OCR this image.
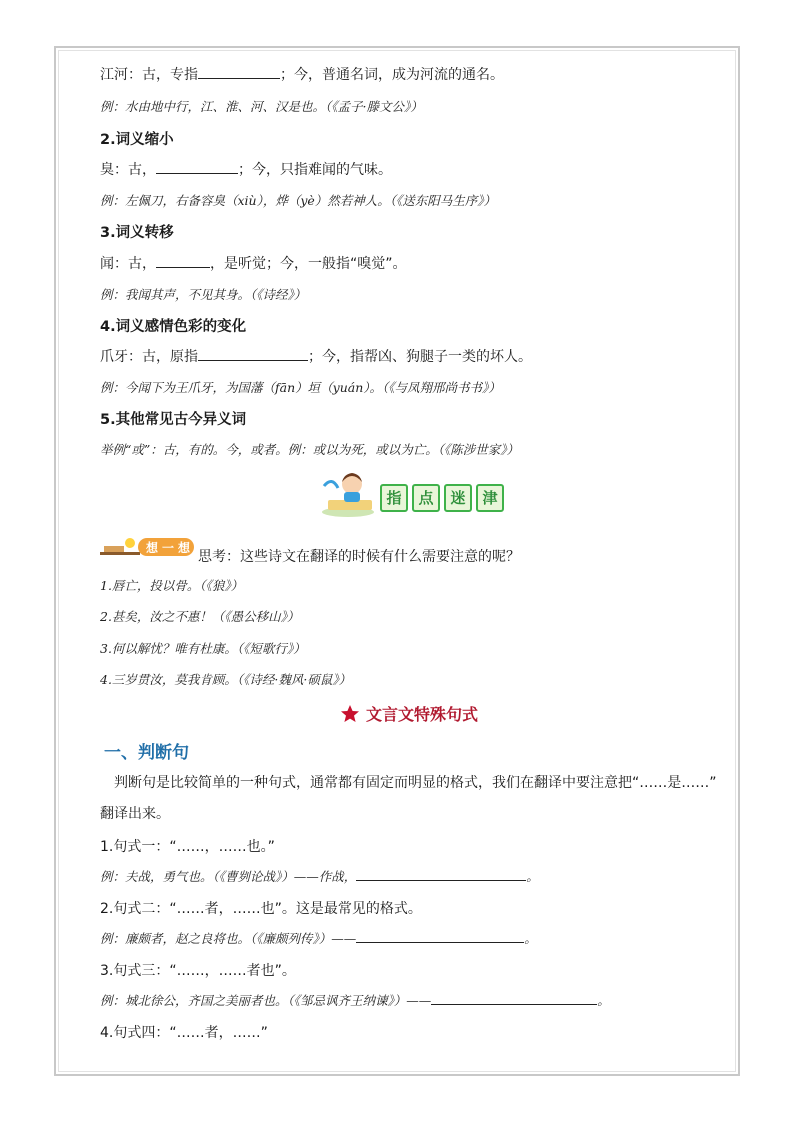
江河：古，专指	；今，普通名词，成为河流的通名。
例：水由地中行，江、淮、河、汉是也。（《孟子·滕文公》）
2.词义缩小
臭：古，	；今，只指难闻的气味。
例：左佩刀，右备容臭（xiù），烨（yè）然若神人。（《送东阳马生序》）
3.词义转移
闻：古，	，是听觉；今，一般指“嗅觉”。
例：我闻其声，不见其身。（《诗经》）
4.词义感情色彩的变化
爪牙：古，原指	；今，指帮凶、狗腿子一类的坏人。
例：今闻下为王爪牙，为国藩（fān）垣（yuán）。（《与凤翔邢尚书书》）
5.其他常见古今异义词
举例“或”：古，有的。今，或者。例：或以为死，或以为亡。（《陈涉世家》）
指	点	迷	津
想 一 想
思考：这些诗文在翻译的时候有什么需要注意的呢？
1.唇亡，投以骨。（《狼》）
2.甚矣，汝之不惠！（《愚公移山》）
3.何以解忧？唯有杜康。（《短歌行》）
4.三岁贯汝，莫我肯顾。（《诗经·魏风·硕鼠》）
文言文特殊句式
一、判断句
判断句是比较简单的一种句式，通常都有固定而明显的格式，我们在翻译中要注意把“……是……”
翻译出来。
1.句式一：“……，……也。”
例：夫战，勇气也。（《曹刿论战》）——作战，	。
2.句式二：“……者，……也”。这是最常见的格式。
例：廉颇者，赵之良将也。（《廉颇列传》）——	。
3.句式三：“……，……者也”。
例：城北徐公，齐国之美丽者也。（《邹忌讽齐王纳谏》）——	。
4.句式四：“……者，……”
